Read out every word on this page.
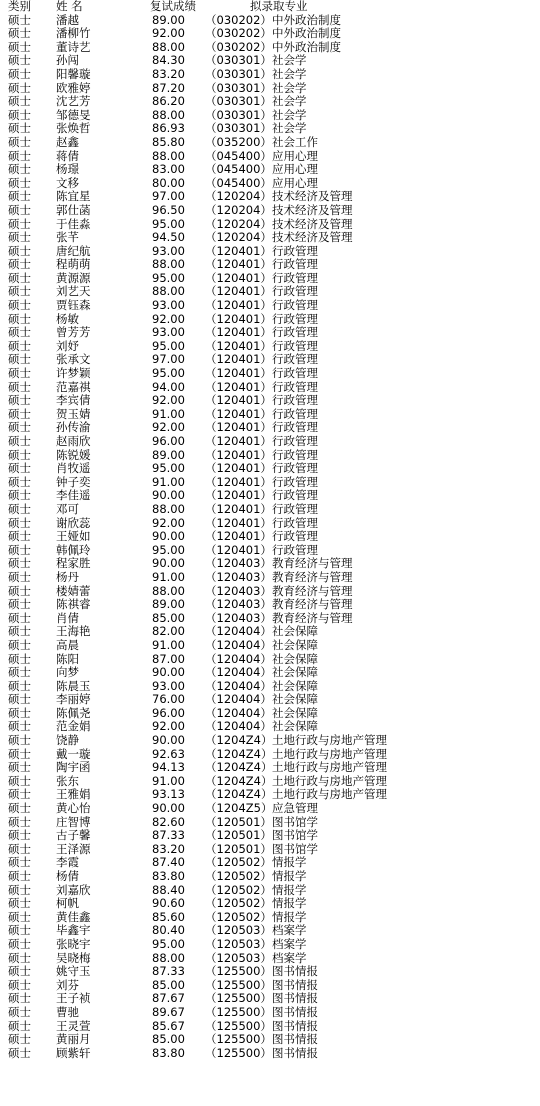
类别 姓 名	复试成绩	拟录取专业
硕士 潘越	89.00 （030202） 中外政治制度
硕士 潘柳竹	92.00 （030202） 中外政治制度
硕士 董诗艺	88.00 （030202） 中外政治制度
硕士 孙闯	84.30 （030301） 社会学
硕士 阳馨璇	83.20 （030301） 社会学
硕士 欧雅婷	87.20 （030301） 社会学
硕士 沈艺芳	86.20 （030301） 社会学
硕士 邹德旻	88.00 （030301） 社会学
硕士 张焕哲	86.93 （030301） 社会学
硕士 赵鑫	85.80 （035200） 社会工作
硕士 蒋倩	88.00 （045400） 应用心理
硕士 杨璟	83.00 （045400） 应用心理
硕士 文移	80.00 （045400） 应用心理
硕士 陈宜星	97.00 （120204） 技术经济及管理
硕士 郭仕菡	96.50 （120204） 技术经济及管理
硕士 于佳淼	95.00 （120204） 技术经济及管理
硕士 张芊	94.50 （120204） 技术经济及管理
硕士 唐纪航	93.00 （120401） 行政管理
硕士 程萌萌	88.00 （120401） 行政管理
硕士 黄源源	95.00 （120401） 行政管理
硕士 刘艺天	88.00 （120401） 行政管理
硕士 贾钰森	93.00 （120401） 行政管理
硕士 杨敏	92.00 （120401） 行政管理
硕士 曾芳芳	93.00 （120401） 行政管理
硕士 刘妤	95.00 （120401） 行政管理
硕士 张承文	97.00 （120401） 行政管理
硕士 许梦颖	95.00 （120401） 行政管理
硕士 范嘉祺	94.00 （120401） 行政管理
硕士 李宾倩	92.00 （120401） 行政管理
硕士 贺玉婧	91.00 （120401） 行政管理
硕士 孙传渝	92.00 （120401） 行政管理
硕士 赵雨欣	96.00 （120401） 行政管理
硕士 陈锐媛	89.00 （120401） 行政管理
硕士 肖牧遥	95.00 （120401） 行政管理
硕士 钟子奕	91.00 （120401） 行政管理
硕士 李佳遥	90.00 （120401） 行政管理
硕士 邓可	88.00 （120401） 行政管理
硕士 谢欣蕊	92.00 （120401） 行政管理
硕士 王娅如	90.00 （120401） 行政管理
硕士 韩佩玲	95.00 （120401） 行政管理
硕士 程家胜	90.00 （120403） 教育经济与管理
硕士 杨丹	91.00 （120403） 教育经济与管理
硕士 楼婧蕾	88.00 （120403） 教育经济与管理
硕士 陈祺睿	89.00 （120403） 教育经济与管理
硕士 肖倩	85.00 （120403） 教育经济与管理
硕士 王海艳	82.00 （120404） 社会保障
硕士 高晨	91.00 （120404） 社会保障
硕士 陈阳	87.00 （120404） 社会保障
硕士 向梦	90.00 （120404） 社会保障
硕士 陈晨玉	93.00 （120404） 社会保障
硕士 李丽婷	76.00 （120404） 社会保障
硕士 陈佩尧	96.00 （120404） 社会保障
硕士 范金娟	92.00 （120404） 社会保障
硕士 饶静	90.00 （1204Z4） 土地行政与房地产管理
硕士 戴一璇	92.63 （1204Z4） 土地行政与房地产管理
硕士 陶宇函	94.13 （1204Z4） 土地行政与房地产管理
硕士 张东	91.00 （1204Z4） 土地行政与房地产管理
硕士 王雅娟	93.13 （1204Z4） 土地行政与房地产管理
硕士 黄心怡	90.00 （1204Z5） 应急管理
硕士 庄智博	82.60 （120501） 图书馆学
硕士 古子馨	87.33 （120501） 图书馆学
硕士 王泽源	83.20 （120501） 图书馆学
硕士 李霞	87.40 （120502） 情报学
硕士 杨倩	83.80 （120502） 情报学
硕士 刘嘉欣	88.40 （120502） 情报学
硕士 柯帆	90.60 （120502） 情报学
硕士 黄佳鑫	85.60 （120502） 情报学
硕士 毕鑫宇	80.40 （120503） 档案学
硕士 张晓宇	95.00 （120503） 档案学
硕士 吴晓梅	88.00 （120503） 档案学
硕士 姚守玉	87.33 （125500） 图书情报
硕士 刘芬	85.00 （125500） 图书情报
硕士 王子祯	87.67 （125500） 图书情报
硕士 曹驰	89.67 （125500） 图书情报
硕士 王灵萱	85.67 （125500） 图书情报
硕士 黄丽月	85.00 （125500） 图书情报
硕士 顾紫轩	83.80 （125500） 图书情报
